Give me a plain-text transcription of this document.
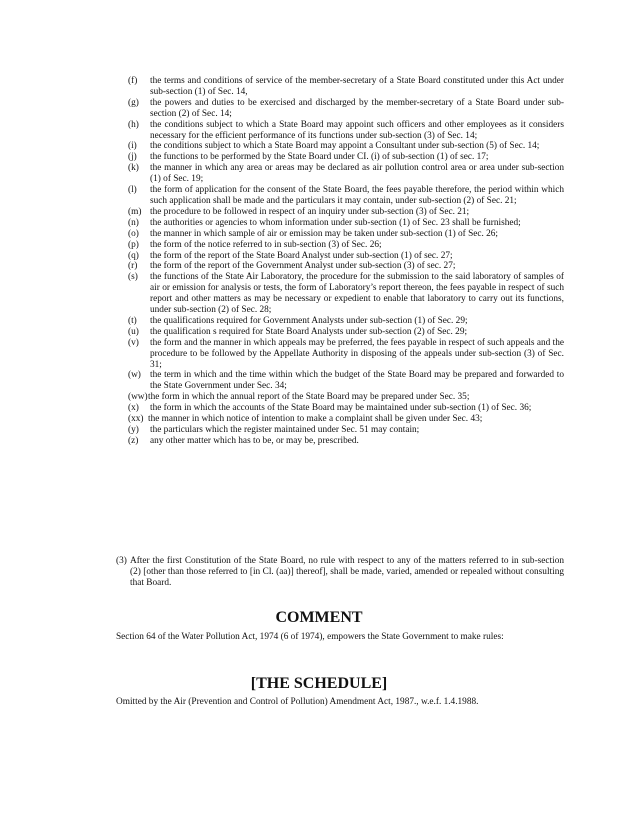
(f)	the terms and conditions of service of the member-secretary of a State Board constituted under this Act under sub-section (1) of Sec. 14,
(g)	the powers and duties to be exercised and discharged by the member-secretary of a State Board under sub-section (2) of Sec. 14;
(h)	the conditions subject to which a State Board may appoint such officers and other employees as it considers necessary for the efficient performance of its functions under sub-section (3) of Sec. 14;
(i)	the conditions subject to which a State Board may appoint a Consultant under sub-section (5) of Sec. 14;
(j)	the functions to be performed by the State Board under CI. (i) of sub-section (1) of sec. 17;
(k)	the manner in which any area or areas may be declared as air pollution control area or area under sub-section (1) of Sec. 19;
(l)	the form of application for the consent of the State Board, the fees payable therefore, the period within which such application shall be made and the particulars it may contain, under sub-section (2) of Sec. 21;
(m) the procedure to be followed in respect of an inquiry under sub-section (3) of Sec. 21;
(n)	the authorities or agencies to whom information under sub-section (1) of Sec. 23 shall be furnished;
(o)	the manner in which sample of air or emission may be taken under sub-section (1) of Sec. 26;
(p)	the form of the notice referred to in sub-section (3) of Sec. 26;
(q)	the form of the report of the State Board Analyst under sub-section (1) of sec. 27;
(r)	the form of the report of the Government Analyst under sub-section (3) of sec. 27;
(s)	the functions of the State Air Laboratory, the procedure for the submission to the said laboratory of samples of air or emission for analysis or tests, the form of Laboratory’s report thereon, the fees payable in respect of such report and other matters as may be necessary or expedient to enable that laboratory to carry out its functions, under sub-section (2) of Sec. 28;
(t)	the qualifications required for Government Analysts under sub-section (1) of Sec. 29;
(u)	the qualification s required for State Board Analysts under sub-section (2) of Sec. 29;
(v)	the form and the manner in which appeals may be preferred, the fees payable in respect of such appeals and the procedure to be followed by the Appellate Authority in disposing of the appeals under sub-section (3) of Sec. 31;
(w) the term in which and the time within which the budget of the State Board may be prepared and forwarded to the State Government under Sec. 34;
(ww) the form in which the annual report of the State Board may be prepared under Sec. 35;
(x)	the form in which the accounts of the State Board may be maintained under sub-section (1) of Sec. 36;
(xx) the manner in which notice of intention to make a complaint shall be given under Sec. 43;
(y)	the particulars which the register maintained under Sec. 51 may contain;
(z)	any other matter which has to be, or may be, prescribed.
(3) After the first Constitution of the State Board, no rule with respect to any of the matters referred to in sub-section (2) [other than those referred to [in Cl. (aa)] thereof], shall be made, varied, amended or repealed without consulting that Board.
COMMENT
Section 64 of the Water Pollution Act, 1974 (6 of 1974), empowers the State Government to make rules:
[THE SCHEDULE]
Omitted by the Air (Prevention and Control of Pollution) Amendment Act, 1987., w.e.f. 1.4.1988.
